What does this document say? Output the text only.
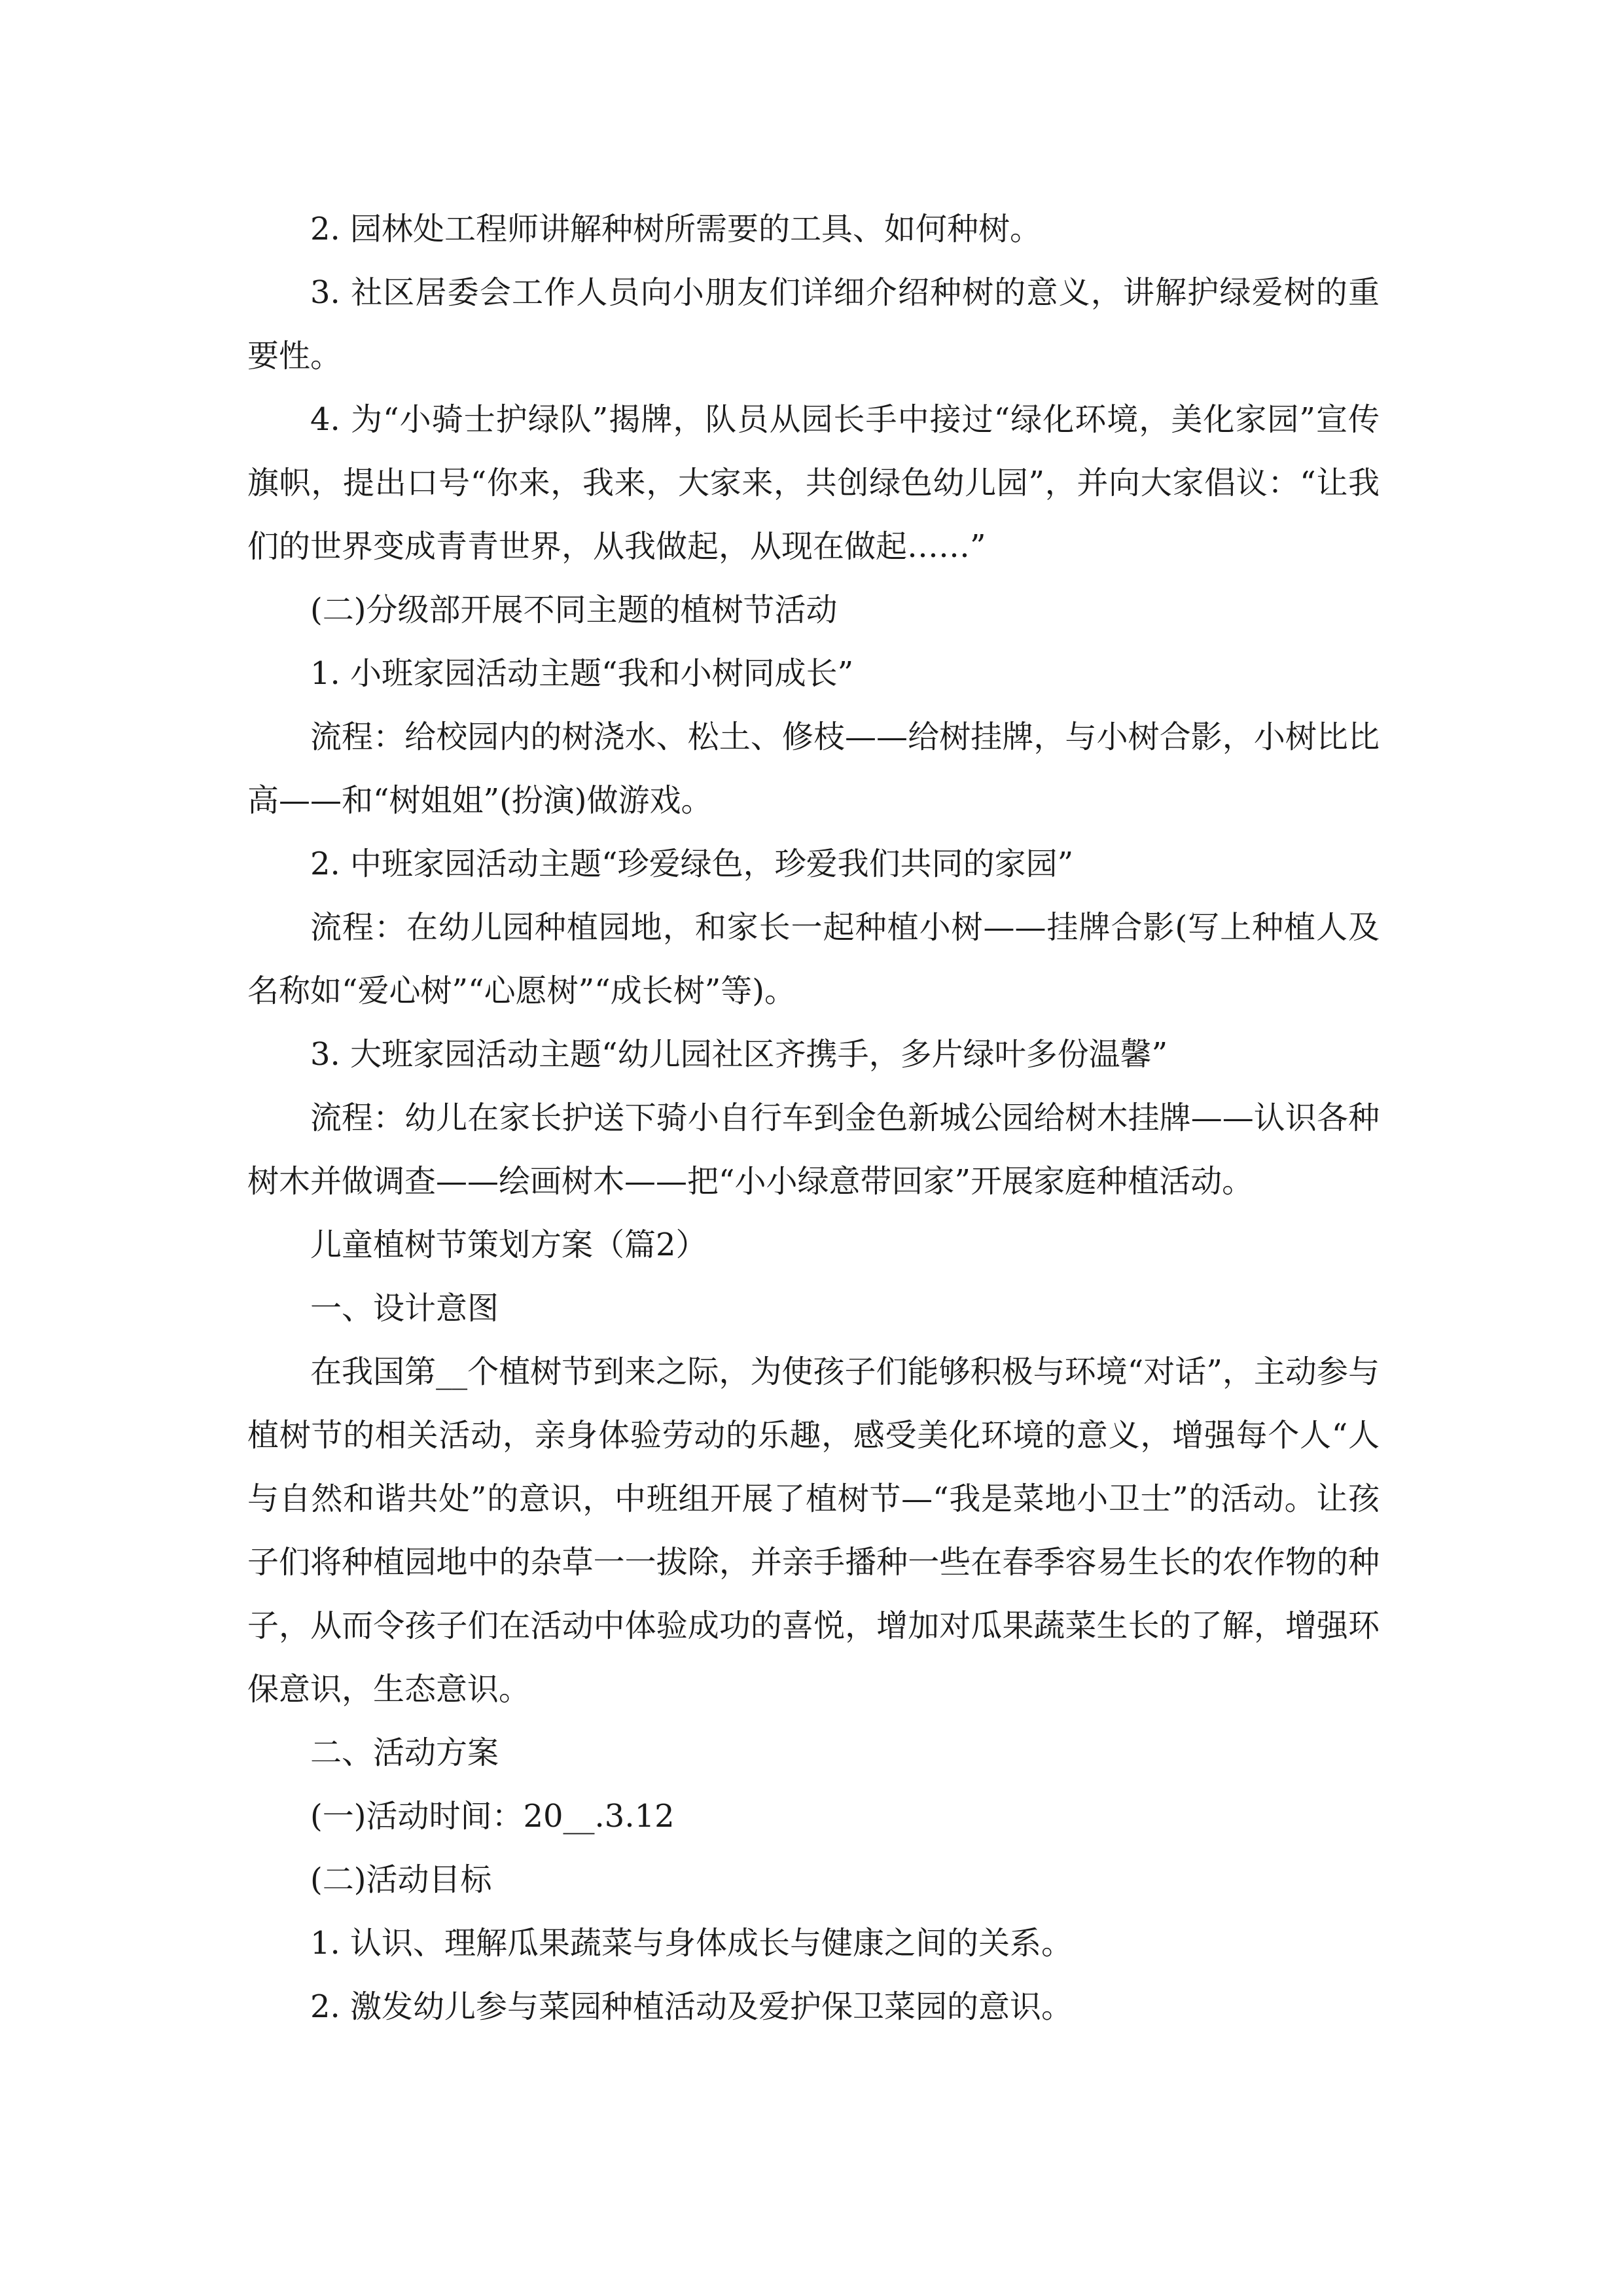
2. 园林处工程师讲解种树所需要的工具、如何种树。

3. 社区居委会工作人员向小朋友们详细介绍种树的意义，讲解护绿爱树的重要性。

4. 为“小骑士护绿队”揭牌，队员从园长手中接过“绿化环境，美化家园”宣传旗帜，提出口号“你来，我来，大家来，共创绿色幼儿园”，并向大家倡议：“让我们的世界变成青青世界，从我做起，从现在做起……”

(二)分级部开展不同主题的植树节活动

1. 小班家园活动主题“我和小树同成长”

流程：给校园内的树浇水、松土、修枝——给树挂牌，与小树合影，小树比比高——和“树姐姐”(扮演)做游戏。

2. 中班家园活动主题“珍爱绿色，珍爱我们共同的家园”

流程：在幼儿园种植园地，和家长一起种植小树——挂牌合影(写上种植人及名称如“爱心树”“心愿树”“成长树”等)。

3. 大班家园活动主题“幼儿园社区齐携手，多片绿叶多份温馨”

流程：幼儿在家长护送下骑小自行车到金色新城公园给树木挂牌——认识各种树木并做调查——绘画树木——把“小小绿意带回家”开展家庭种植活动。

儿童植树节策划方案（篇2）

一、设计意图

在我国第__个植树节到来之际，为使孩子们能够积极与环境“对话”，主动参与植树节的相关活动，亲身体验劳动的乐趣，感受美化环境的意义，增强每个人“人与自然和谐共处”的意识，中班组开展了植树节—“我是菜地小卫士”的活动。让孩子们将种植园地中的杂草一一拔除，并亲手播种一些在春季容易生长的农作物的种子，从而令孩子们在活动中体验成功的喜悦，增加对瓜果蔬菜生长的了解，增强环保意识，生态意识。

二、活动方案

(一)活动时间：20__.3.12

(二)活动目标

1. 认识、理解瓜果蔬菜与身体成长与健康之间的关系。

2. 激发幼儿参与菜园种植活动及爱护保卫菜园的意识。
